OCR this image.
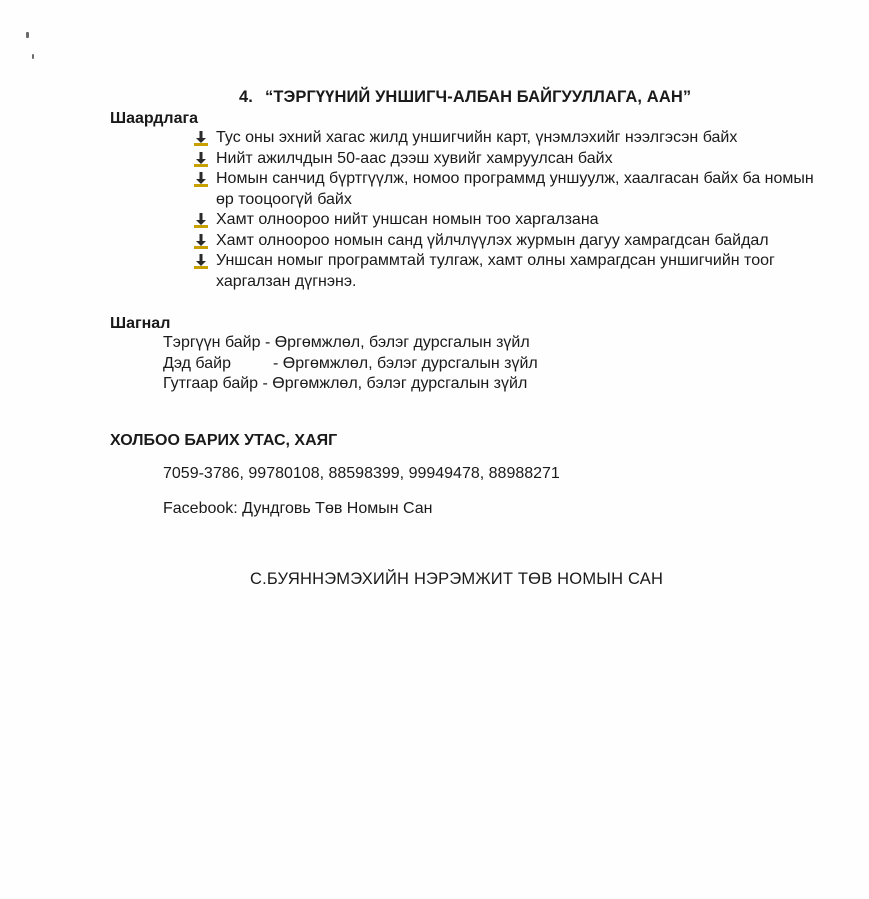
4. “ТЭРГҮҮНИЙ УНШИГЧ-АЛБАН БАЙГУУЛЛАГА, ААН”
Шаардлага
Тус оны эхний хагас жилд уншигчийн карт, үнэмлэхийг нээлгэсэн байх
Нийт ажилчдын 50-аас дээш хувийг хамруулсан байх
Номын санчид бүртгүүлж, номоо программд уншуулж, хаалгасан байх ба номын өр тооцоогүй байх
Хамт олноороо нийт уншсан номын тоо харгалзана
Хамт олноороо номын санд үйлчлүүлэх журмын дагуу хамрагдсан байдал
Уншсан номыг программтай тулгаж, хамт олны хамрагдсан уншигчийн тоог харгалзан дүгнэнэ.
Шагнал
Тэргүүн байр - Өргөмжлөл, бэлэг дурсгалын зүйл
Дэд байр	- Өргөмжлөл, бэлэг дурсгалын зүйл
Гутгаар байр - Өргөмжлөл, бэлэг дурсгалын зүйл
ХОЛБОО БАРИХ УТАС, ХАЯГ
7059-3786, 99780108, 88598399, 99949478, 88988271
Facebook: Дундговь Төв Номын Сан
С.БУЯННЭМЭХИЙН НЭРЭМЖИТ ТӨВ НОМЫН САН
